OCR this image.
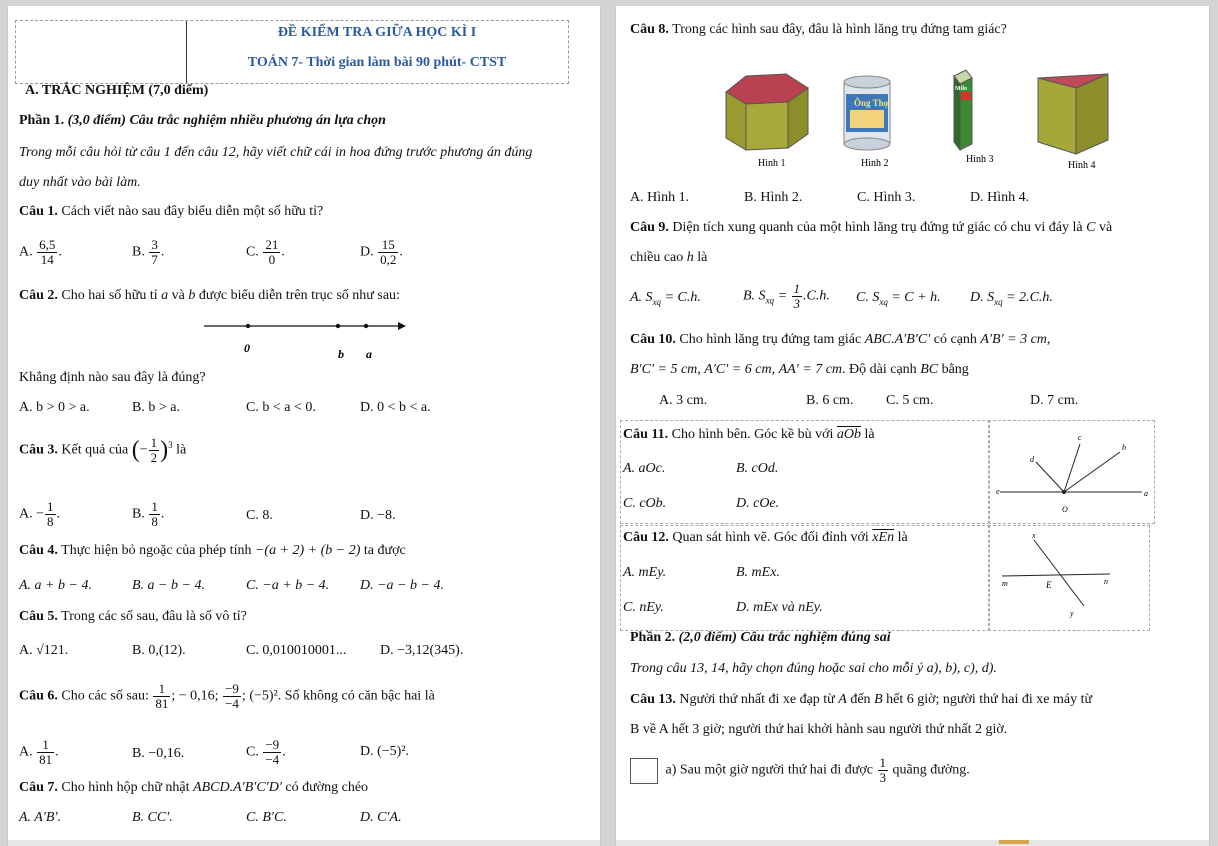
ĐỀ KIỂM TRA GIỮA HỌC KÌ I
TOÁN 7- Thời gian làm bài 90 phút- CTST
A. TRẮC NGHIỆM (7,0 điểm)
Phần 1. (3,0 điểm) Câu trắc nghiệm nhiều phương án lựa chọn
Trong mỗi câu hỏi từ câu 1 đến câu 12, hãy viết chữ cái in hoa đứng trước phương án đúng
duy nhất vào bài làm.
Câu 1. Cách viết nào sau đây biểu diễn một số hữu tỉ?
A. $\frac{6,5}{14}$ .	B. $\frac{3}{7}$ .	C. $\frac{21}{0}$ .	D. $\frac{15}{0,2}$ .
Câu 2. Cho hai số hữu tỉ a và b được biểu diễn trên trục số như sau:
0	b a
Khẳng định nào sau đây là đúng?
A. b > 0 > a.	B. b > a.	C. b < a < 0.	D. 0 < b < a.
Câu 3. Kết quả của (− $\frac{1}{2} )^3$ là
A. − $\frac{1}{8}$ .	B. $\frac{1}{8}$ .	C. 8.	D. −8.
Câu 4. Thực hiện bỏ ngoặc của phép tính −(a + 2) + (b − 2) ta được
A. a + b − 4.	B. a − b − 4.	C. −a + b − 4. D. −a − b − 4.
Câu 5. Trong các số sau, đâu là số vô tỉ?
A. √121.	B. 0,(12).	C. 0,010010001... D. −3,12(345).
Câu 6. Cho các số sau: $\frac{1}{81}$ ; − 0,16; $\frac{-9}{-4}$ ; (−5)². Số không có căn bậc hai là
A. $\frac{1}{81}$ .	B. −0,16.	C. $\frac{-9}{-4}$ .	D. (−5)².
Câu 7. Cho hình hộp chữ nhật ABCD.A′B′C′D′ có đường chéo
A. A′B′.	B. CC′.	C. B′C.	D. C′A.
Câu 8. Trong các hình sau đây, đâu là hình lăng trụ đứng tam giác?
Ông Thọ
Milo
Hình 1	Hình 2	Hình 3
Hình 4
A. Hình 1.	B. Hình 2.	C. Hình 3.	D. Hình 4.
Câu 9. Diện tích xung quanh của một hình lăng trụ đứng tứ giác có chu vi đáy là C và
chiều cao h là
A. $S_{xq} = C.h$.	B. $S_{xq} = \frac{1}{3} .C.h$. C. $S_{xq} = C + h$. D. $S_{xq} = 2.C.h$.
Câu 10. Cho hình lăng trụ đứng tam giác ABC.A′B′C′ có cạnh A′B′ = 3 cm,
B′C′ = 5 cm, A′C′ = 6 cm, AA′ = 7 cm. Độ dài cạnh BC bằng
A. 3 cm.	B. 6 cm. C. 5 cm.	D. 7 cm.
Câu 11. Cho hình bên. Góc kề bù với $\overline{aOb}$ là
A. aOc.	B. cOd.
C. cOb.	D. cOe.
c
b
d
e	a
O
Câu 12. Quan sát hình vẽ. Góc đối đỉnh với $\overline{xEn}$ là
A. mEy.	B. mEx.
C. nEy.	D. mEx và nEy.
x
m	E	n
y
Phần 2. (2,0 điểm) Câu trắc nghiệm đúng sai
Trong câu 13, 14, hãy chọn đúng hoặc sai cho mỗi ý a), b), c), d).
Câu 13. Người thứ nhất đi xe đạp từ A đến B hết 6 giờ; người thứ hai đi xe máy từ
B về A hết 3 giờ; người thứ hai khởi hành sau người thứ nhất 2 giờ.
a) Sau một giờ người thứ hai đi được $\frac{1}{3}$ quãng đường.
